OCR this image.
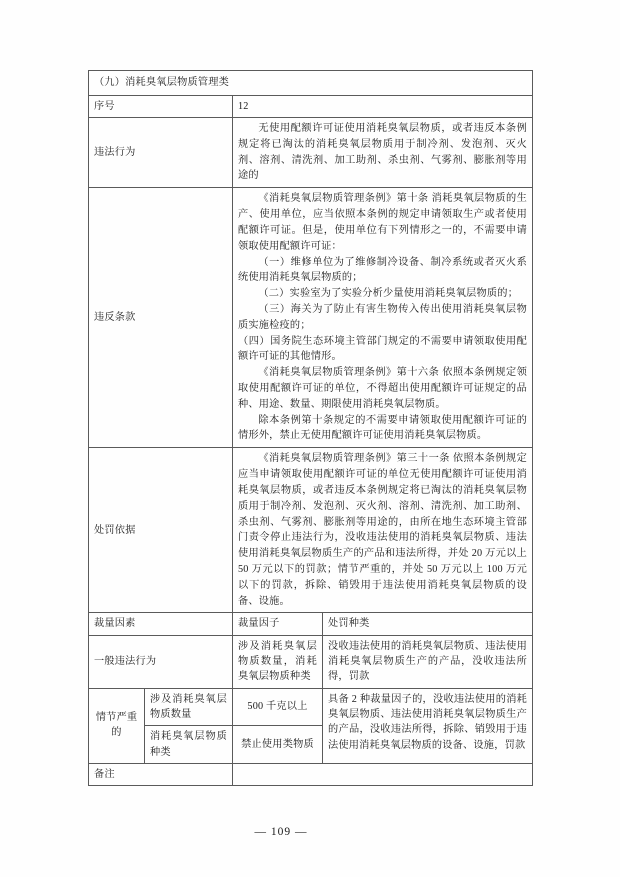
（九）消耗臭氧层物质管理类			
序号		12	
违法行为		无使用配额许可证使用消耗臭氧层物质，或者违反本条例规定将已淘汰的消耗臭氧层物质用于制冷剂、发泡剂、灭火剂、溶剂、清洗剂、加工助剂、杀虫剂、气雾剂、膨胀剂等用途的	

违反条款	
《消耗臭氧层物质管理条例》第十条 消耗臭氧层物质的生产、使用单位，应当依照本条例的规定申请领取生产或者使用配额许可证。但是，使用单位有下列情形之一的，不需要申请领取使用配额许可证：
（一）维修单位为了维修制冷设备、制冷系统或者灭火系统使用消耗臭氧层物质的；
（二）实验室为了实验分析少量使用消耗臭氧层物质的；
（三）海关为了防止有害生物传入传出使用消耗臭氧层物质实施检疫的；
（四）国务院生态环境主管部门规定的不需要申请领取使用配额许可证的其他情形。
《消耗臭氧层物质管理条例》第十六条 依照本条例规定领取使用配额许可证的单位，不得超出使用配额许可证规定的品种、用途、数量、期限使用消耗臭氧层物质。
除本条例第十条规定的不需要申请领取使用配额许可证的情形外，禁止无使用配额许可证使用消耗臭氧层物质。

处罚依据		《消耗臭氧层物质管理条例》第三十一条 依照本条例规定应当申请领取使用配额许可证的单位无使用配额许可证使用消耗臭氧层物质，或者违反本条例规定将已淘汰的消耗臭氧层物质用于制冷剂、发泡剂、灭火剂、溶剂、清洗剂、加工助剂、杀虫剂、气雾剂、膨胀剂等用途的，由所在地生态环境主管部门责令停止违法行为，没收违法使用的消耗臭氧层物质、违法使用消耗臭氧层物质生产的产品和违法所得，并处 20 万元以上 50 万元以下的罚款；情节严重的，并处 50 万元以上 100 万元以下的罚款，拆除、销毁用于违法使用消耗臭氧层物质的设备、设施。	

裁量因素		裁量因子	处罚种类
一般违法行为		涉及消耗臭氧层物质数量，消耗臭氧层物质种类	没收违法使用的消耗臭氧层物质、违法使用消耗臭氧层物质生产的产品，没收违法所得，罚款
情节严重的	涉及消耗臭氧层物质数量	500 千克以上	具备 2 种裁量因子的，没收违法使用的消耗臭氧层物质、违法使用消耗臭氧层物质生产的产品，没收违法所得，拆除、销毁用于违法使用消耗臭氧层物质的设备、设施，罚款
	消耗臭氧层物质种类	禁止使用类物质	
备注			
— 109 —
